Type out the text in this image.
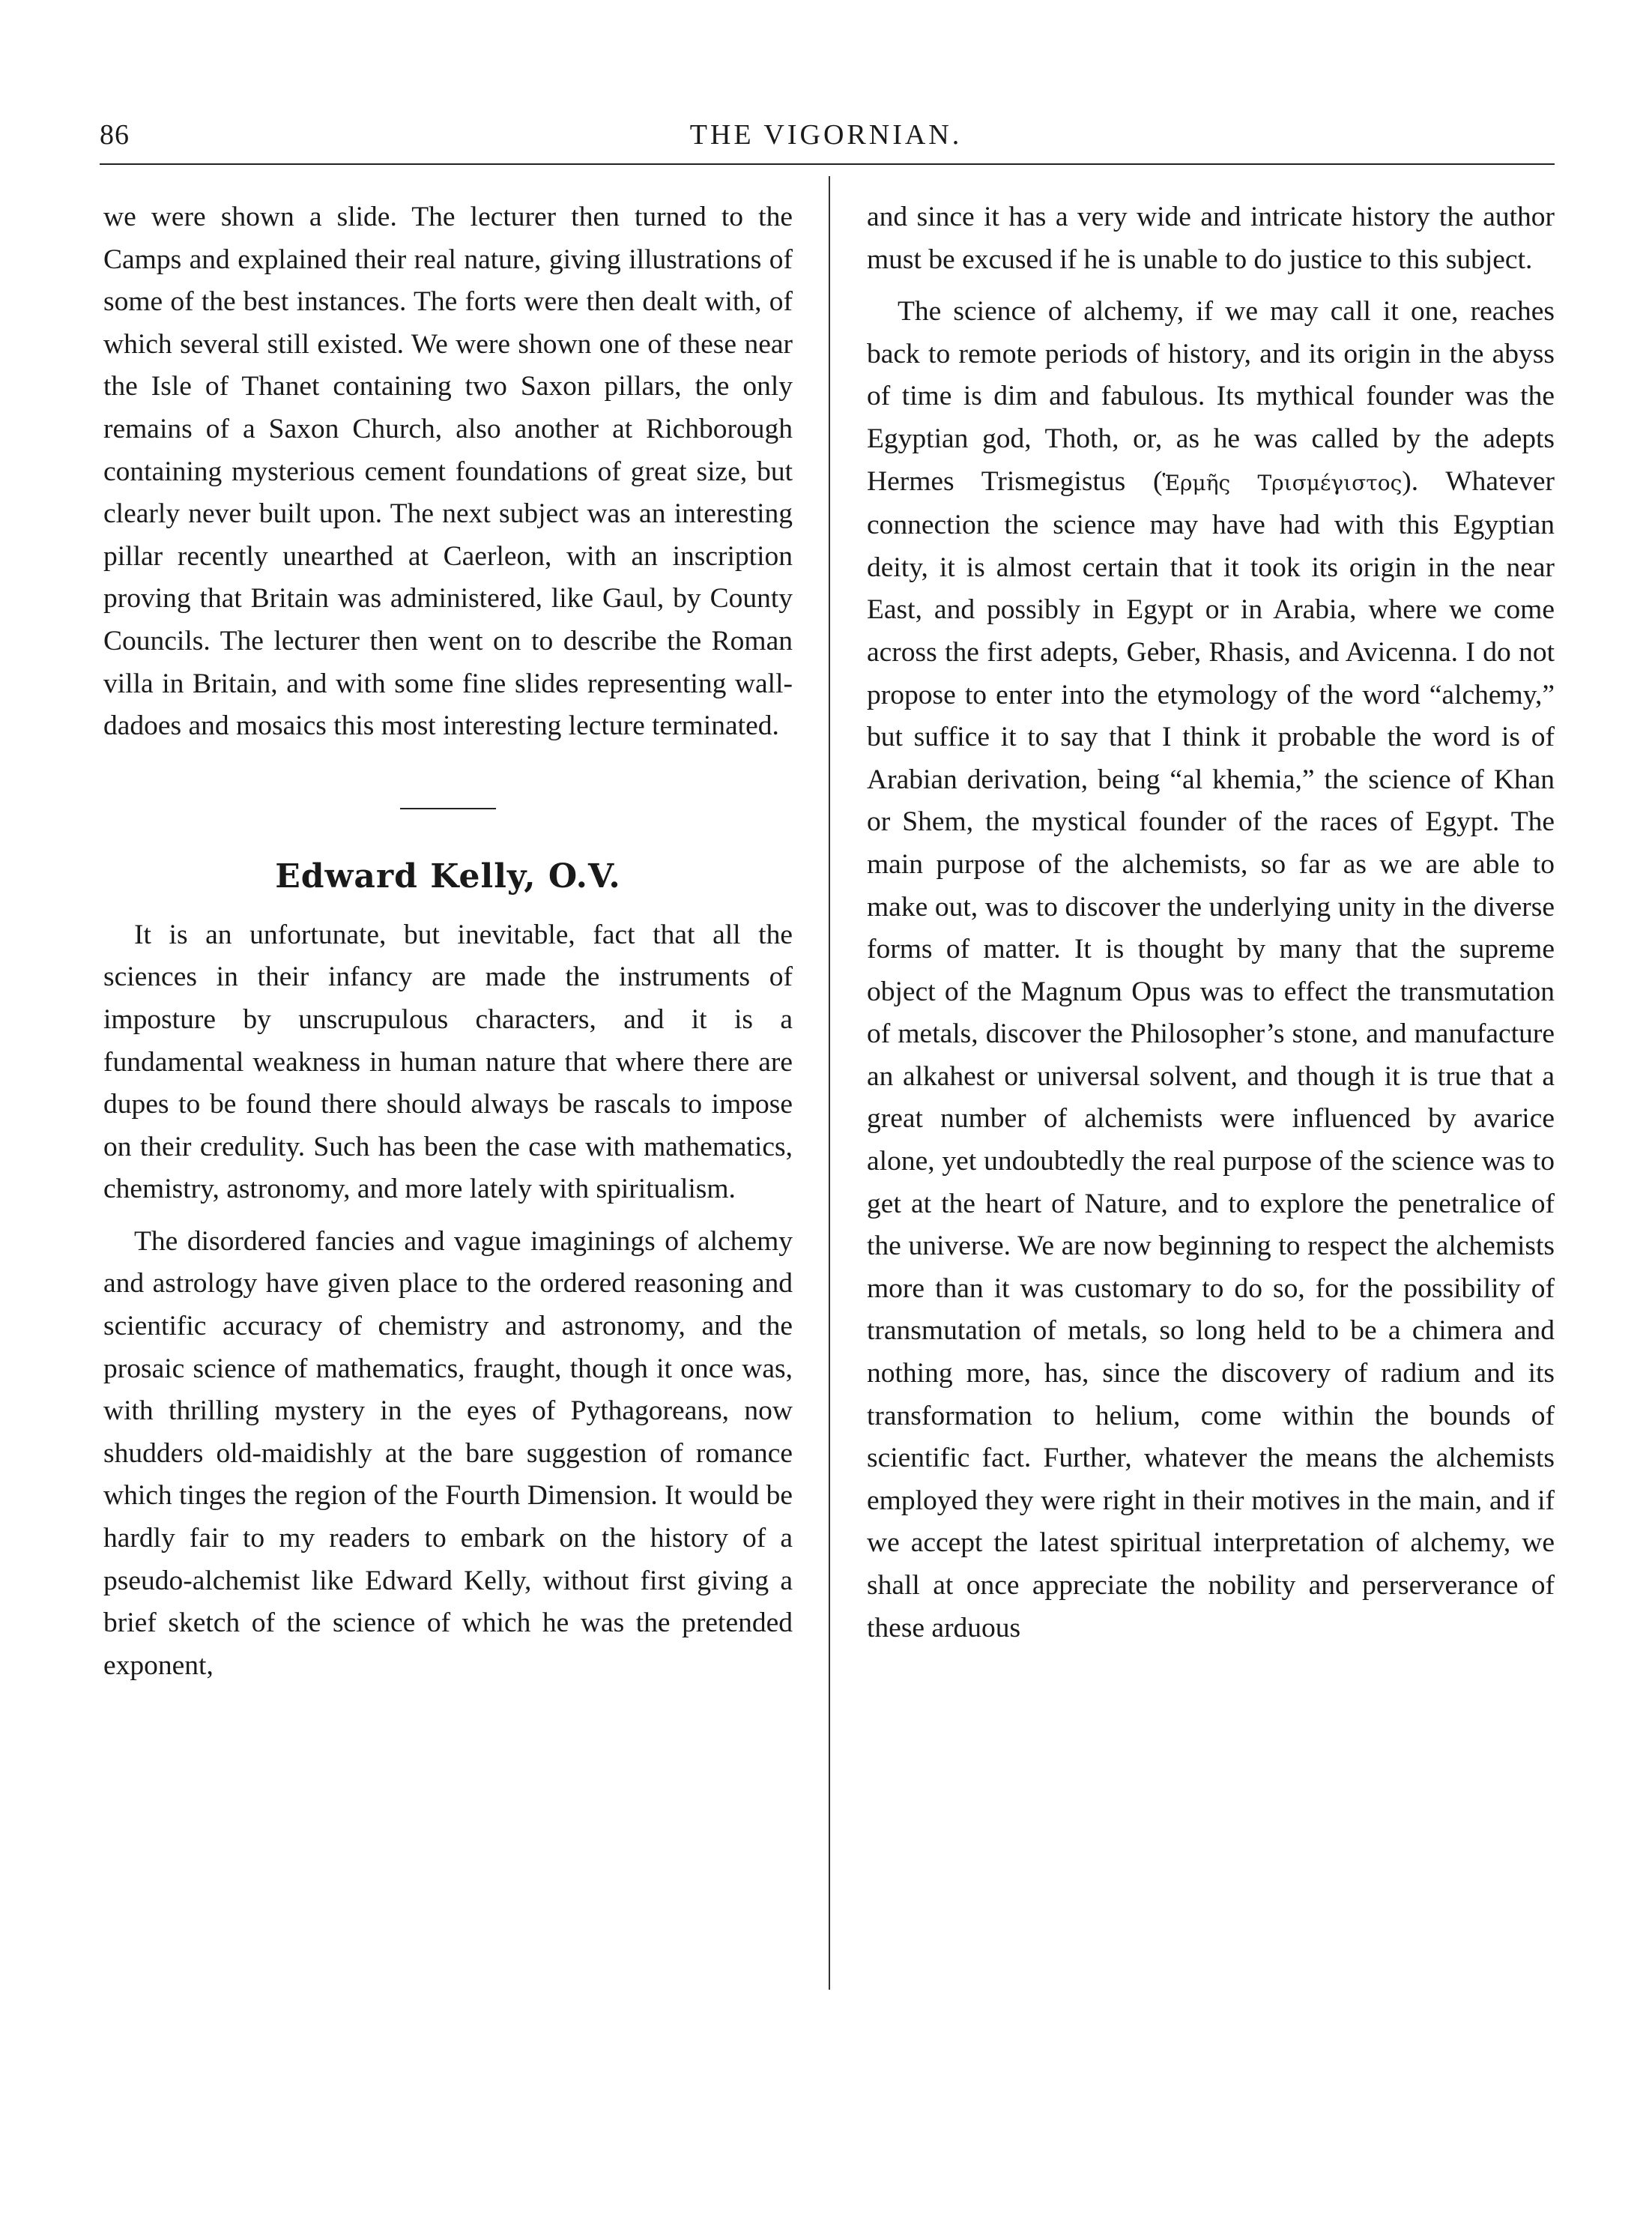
86	THE VIGORNIAN.

we were shown a slide. The lecturer then turned to the Camps and explained their real nature, giving illustrations of some of the best instances. The forts were then dealt with, of which several still existed. We were shown one of these near the Isle of Thanet containing two Saxon pillars, the only remains of a Saxon Church, also another at Richborough containing mysterious cement foundations of great size, but clearly never built upon. The next subject was an interesting pillar recently unearthed at Caerleon, with an inscription proving that Britain was administered, like Gaul, by County Councils. The lecturer then went on to describe the Roman villa in Britain, and with some fine slides representing wall-dadoes and mosaics this most interesting lecture terminated.

Edward Kelly, O.V.

It is an unfortunate, but inevitable, fact that all the sciences in their infancy are made the instruments of imposture by unscrupulous characters, and it is a fundamental weakness in human nature that where there are dupes to be found there should always be rascals to impose on their credulity. Such has been the case with mathematics, chemistry, astronomy, and more lately with spiritualism.

The disordered fancies and vague imaginings of alchemy and astrology have given place to the ordered reasoning and scientific accuracy of chemistry and astronomy, and the prosaic science of mathematics, fraught, though it once was, with thrilling mystery in the eyes of Pythagoreans, now shudders old-maidishly at the bare suggestion of romance which tinges the region of the Fourth Dimension. It would be hardly fair to my readers to embark on the history of a pseudo-alchemist like Edward Kelly, without first giving a brief sketch of the science of which he was the pretended exponent,

and since it has a very wide and intricate history the author must be excused if he is unable to do justice to this subject.

The science of alchemy, if we may call it one, reaches back to remote periods of history, and its origin in the abyss of time is dim and fabulous. Its mythical founder was the Egyptian god, Thoth, or, as he was called by the adepts Hermes Trismegistus (Ἑρμῆς Τρισμέγιστος). Whatever connection the science may have had with this Egyptian deity, it is almost certain that it took its origin in the near East, and possibly in Egypt or in Arabia, where we come across the first adepts, Geber, Rhasis, and Avicenna. I do not propose to enter into the etymology of the word “alchemy,” but suffice it to say that I think it probable the word is of Arabian derivation, being “al khemia,” the science of Khan or Shem, the mystical founder of the races of Egypt. The main purpose of the alchemists, so far as we are able to make out, was to discover the underlying unity in the diverse forms of matter. It is thought by many that the supreme object of the Magnum Opus was to effect the transmutation of metals, discover the Philosopher’s stone, and manufacture an alkahest or universal solvent, and though it is true that a great number of alchemists were influenced by avarice alone, yet undoubtedly the real purpose of the science was to get at the heart of Nature, and to explore the penetralice of the universe. We are now beginning to respect the alchemists more than it was customary to do so, for the possibility of transmutation of metals, so long held to be a chimera and nothing more, has, since the discovery of radium and its transformation to helium, come within the bounds of scientific fact. Further, whatever the means the alchemists employed they were right in their motives in the main, and if we accept the latest spiritual interpretation of alchemy, we shall at once appreciate the nobility and perserverance of these arduous
